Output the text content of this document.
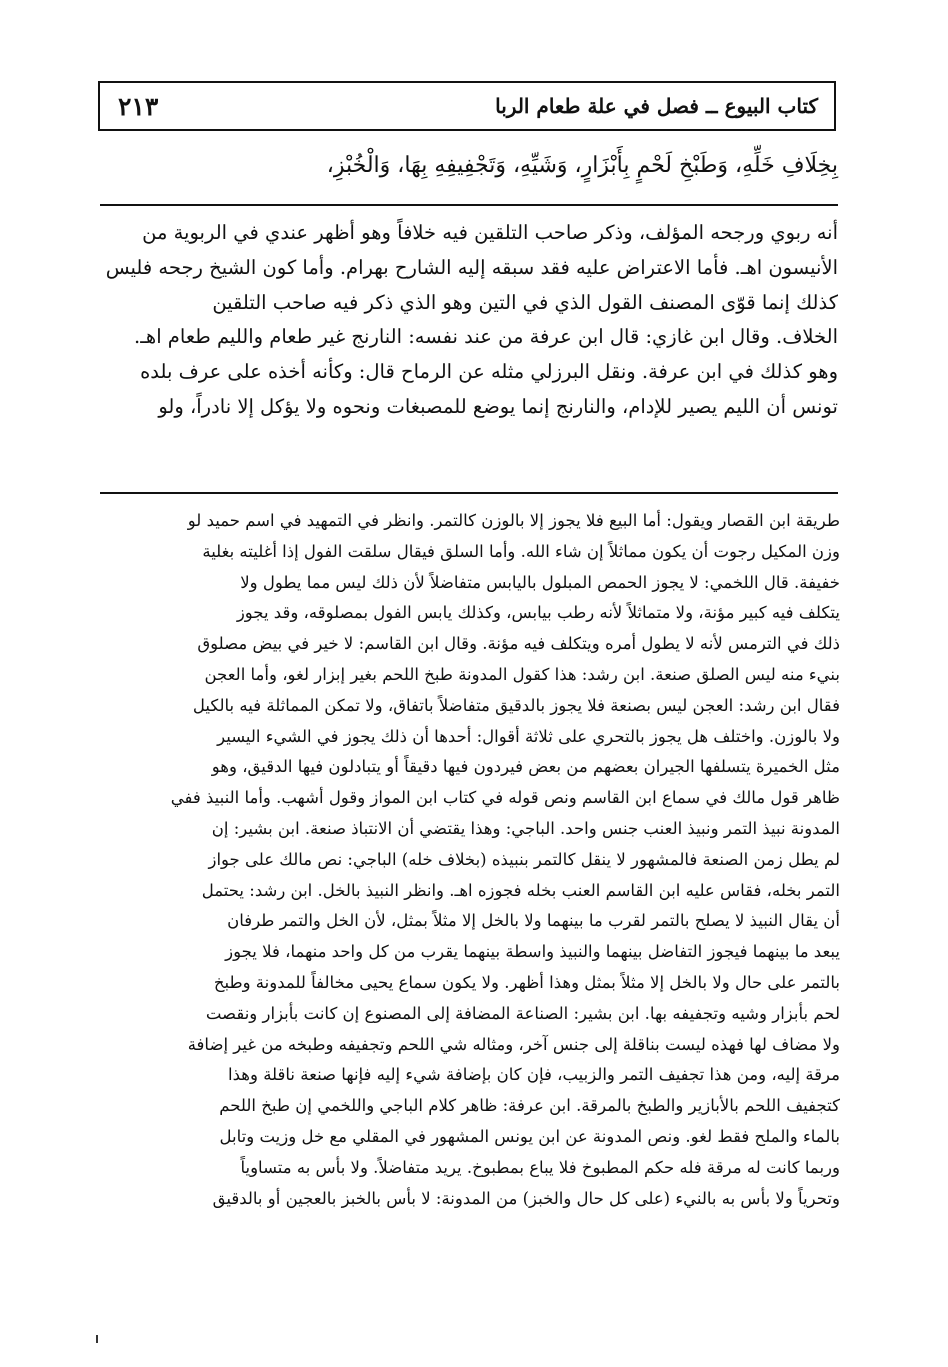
٢١٣	كتاب البيوع ــ فصل في علة طعام الربا
بِخِلَافِ خَلِّهِ، وَطَبْخِ لَحْمٍ بِأَبْزَارٍ، وَشَيِّهِ، وَتَجْفِيفِهِ بِهَا، وَالْخُبْزِ،
أنه ربوي ورجحه المؤلف، وذكر صاحب التلقين فيه خلافاً وهو أظهر عندي في الربوية من
الأنيسون اهـ. فأما الاعتراض عليه فقد سبقه إليه الشارح بهرام. وأما كون الشيخ رجحه فليس
كذلك إنما قوّى المصنف القول الذي في التين وهو الذي ذكر فيه صاحب التلقين
الخلاف. وقال ابن غازي: قال ابن عرفة من عند نفسه: النارنج غير طعام والليم طعام اهـ.
وهو كذلك في ابن عرفة. ونقل البرزلي مثله عن الرماح قال: وكأنه أخذه على عرف بلده
تونس أن الليم يصير للإدام، والنارنج إنما يوضع للمصبغات ونحوه ولا يؤكل إلا نادراً، ولو
طريقة ابن القصار ويقول: أما البيع فلا يجوز إلا بالوزن كالتمر. وانظر في التمهيد في اسم حميد لو
وزن المكيل رجوت أن يكون مماثلاً إن شاء الله. وأما السلق فيقال سلقت الفول إذا أغليته بغلية
خفيفة. قال اللخمي: لا يجوز الحمص المبلول باليابس متفاضلاً لأن ذلك ليس مما يطول ولا
يتكلف فيه كبير مؤنة، ولا متماثلاً لأنه رطب بيابس، وكذلك يابس الفول بمصلوقه، وقد يجوز
ذلك في الترمس لأنه لا يطول أمره ويتكلف فيه مؤنة. وقال ابن القاسم: لا خير في بيض مصلوق
بنيء منه ليس الصلق صنعة. ابن رشد: هذا كقول المدونة طبخ اللحم بغير إبزار لغو، وأما العجن
فقال ابن رشد: العجن ليس بصنعة فلا يجوز بالدقيق متفاضلاً باتفاق، ولا تمكن المماثلة فيه بالكيل
ولا بالوزن. واختلف هل يجوز بالتحري على ثلاثة أقوال: أحدها أن ذلك يجوز في الشيء اليسير
مثل الخميرة يتسلفها الجيران بعضهم من بعض فيردون فيها دقيقاً أو يتبادلون فيها الدقيق، وهو
ظاهر قول مالك في سماع ابن القاسم ونص قوله في كتاب ابن المواز وقول أشهب. وأما النبيذ ففي
المدونة نبيذ التمر ونبيذ العنب جنس واحد. الباجي: وهذا يقتضي أن الانتباذ صنعة. ابن بشير: إن
لم يطل زمن الصنعة فالمشهور لا ينقل كالتمر بنبيذه (بخلاف خله) الباجي: نص مالك على جواز
التمر بخله، فقاس عليه ابن القاسم العنب بخله فجوزه اهـ. وانظر النبيذ بالخل. ابن رشد: يحتمل
أن يقال النبيذ لا يصلح بالتمر لقرب ما بينهما ولا بالخل إلا مثلاً بمثل، لأن الخل والتمر طرفان
يبعد ما بينهما فيجوز التفاضل بينهما والنبيذ واسطة بينهما يقرب من كل واحد منهما، فلا يجوز
بالتمر على حال ولا بالخل إلا مثلاً بمثل وهذا أظهر. ولا يكون سماع يحيى مخالفاً للمدونة وطبخ
لحم بأبزار وشيه وتجفيفه بها. ابن بشير: الصناعة المضافة إلى المصنوع إن كانت بأبزار ونقصت
ولا مضاف لها فهذه ليست بناقلة إلى جنس آخر، ومثاله شي اللحم وتجفيفه وطبخه من غير إضافة
مرقة إليه، ومن هذا تجفيف التمر والزبيب، فإن كان بإضافة شيء إليه فإنها صنعة ناقلة وهذا
كتجفيف اللحم بالأبازير والطبخ بالمرقة. ابن عرفة: ظاهر كلام الباجي واللخمي إن طبخ اللحم
بالماء والملح فقط لغو. ونص المدونة عن ابن يونس المشهور في المقلي مع خل وزيت وتابل
وربما كانت له مرقة فله حكم المطبوخ فلا يباع بمطبوخ. يريد متفاضلاً. ولا بأس به متساوياً
وتحرياً ولا بأس به بالنيء (على كل حال والخبز) من المدونة: لا بأس بالخبز بالعجين أو بالدقيق
